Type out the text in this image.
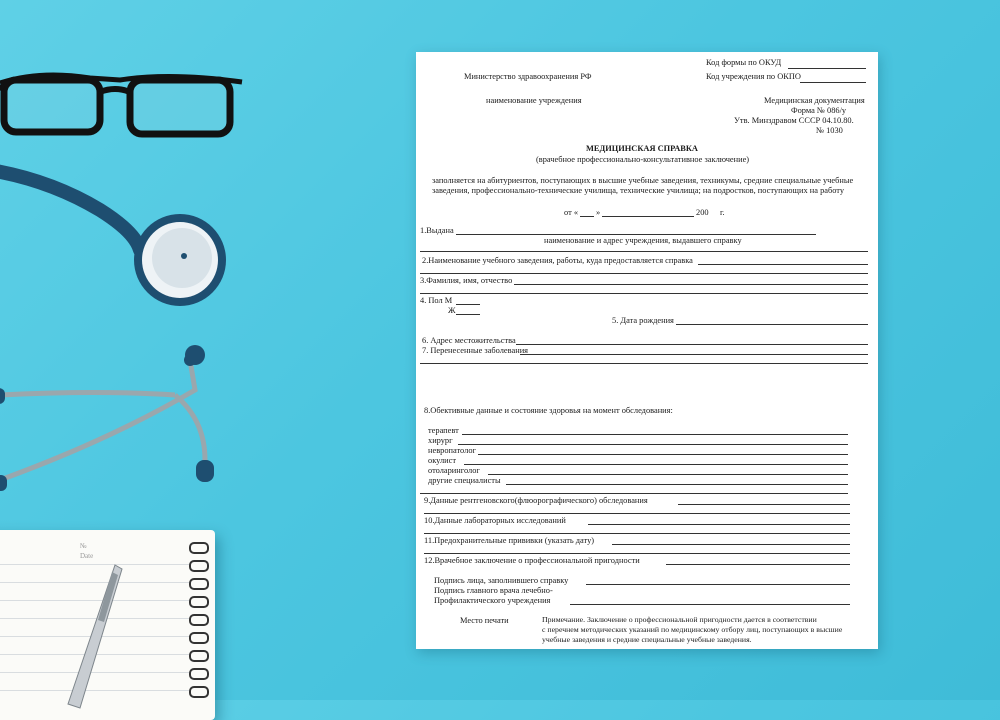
№
Date
Код формы по ОКУД
Министерство здравоохранения РФ	Код учреждения по ОКПО
наименование учреждения	Медицинская документация
Форма № 086/у
Утв. Минздравом СССР 04.10.80.
№ 1030
МЕДИЦИНСКАЯ СПРАВКА
(врачебное профессионально-консультативное заключение)
заполняется на абитуриентов, поступающих в высшие учебные заведения, техникумы, средние специальные учебные
заведения, профессионально-технические училища, технические училища; на подростков, поступающих на работу
от « »	200 г.
1.Выдана
наименование и адрес учреждения, выдавшего справку
2.Наименование учебного заведения, работы, куда предоставляется справка
3.Фамилия, имя, отчество
4. Пол М
Ж
5. Дата рождения
6. Адрес местожительства
7. Перенесенные заболевания
8.Обективные данные и состояние здоровья на момент обследования:
терапевт
хирург
невропатолог
окулист
отоларинголог
другие специалисты
9.Данные рентгеновского(флюорографического) обследования
10.Данные лабораторных исследований
11.Предохранительные прививки (указать дату)
12.Врачебное заключение о профессиональной пригодности
Подпись лица, заполнившего справку
Подпись главного врача лечебно-
Профилактического учреждения
Место печати	Примечание. Заключение о профессиональной пригодности дается в соответствии
с перечнем методических указаний по медицинскому отбору лиц, поступающих в высшие
учебные заведения и средние специальные учебные заведения.
